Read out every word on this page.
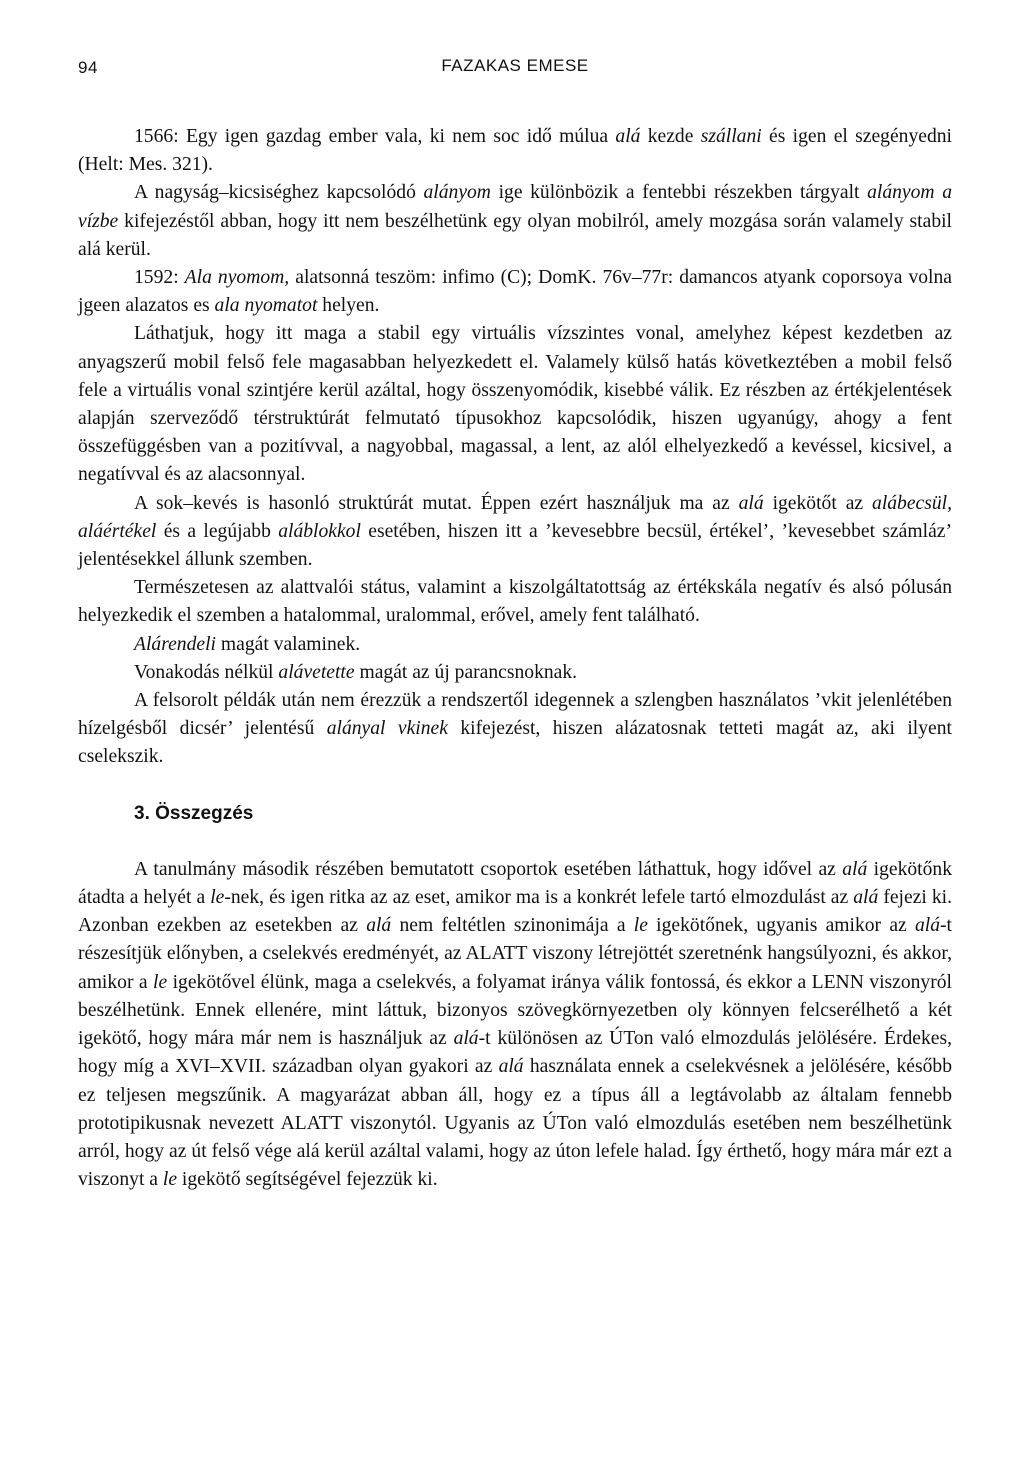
94	FAZAKAS EMESE

1566: Egy igen gazdag ember vala, ki nem soc idő múlua alá kezde szállani és igen el szegényedni (Helt: Mes. 321).

A nagyság–kicsiséghez kapcsolódó alányom ige különbözik a fentebbi részekben tárgyalt alányom a vízbe kifejezéstől abban, hogy itt nem beszélhetünk egy olyan mobilról, amely mozgása során valamely stabil alá kerül.

1592: Ala nyomom, alatsonná teszöm: infimo (C); DomK. 76v–77r: damancos atyank coporsoya volna jgeen alazatos es ala nyomatot helyen.

Láthatjuk, hogy itt maga a stabil egy virtuális vízszintes vonal, amelyhez képest kezdetben az anyagszerű mobil felső fele magasabban helyezkedett el. Valamely külső hatás következtében a mobil felső fele a virtuális vonal szintjére kerül azáltal, hogy összenyomódik, kisebbé válik. Ez részben az értékjelentések alapján szerveződő térstruktúrát felmutató típusokhoz kapcsolódik, hiszen ugyanúgy, ahogy a fent összefüggésben van a pozitívval, a nagyobbal, magassal, a lent, az alól elhelyezkedő a kevéssel, kicsivel, a negatívval és az alacsonnyal.

A sok–kevés is hasonló struktúrát mutat. Éppen ezért használjuk ma az alá igekötőt az alábecsül, aláértékel és a legújabb aláblokkol esetében, hiszen itt a ’kevesebbre becsül, értékel’, ’kevesebbet számláz’ jelentésekkel állunk szemben.

Természetesen az alattvalói státus, valamint a kiszolgáltatottság az értékskála negatív és alsó pólusán helyezkedik el szemben a hatalommal, uralommal, erővel, amely fent található.

Alárendeli magát valaminek.

Vonakodás nélkül alávetette magát az új parancsnoknak.

A felsorolt példák után nem érezzük a rendszertől idegennek a szlengben használatos ’vkit jelenlétében hízelgésből dicsér’ jelentésű alányal vkinek kifejezést, hiszen alázatosnak tetteti magát az, aki ilyent cselekszik.

3. Összegzés

A tanulmány második részében bemutatott csoportok esetében láthattuk, hogy idővel az alá igekötőnk átadta a helyét a le-nek, és igen ritka az az eset, amikor ma is a konkrét lefele tartó elmozdulást az alá fejezi ki. Azonban ezekben az esetekben az alá nem feltétlen szinonimája a le igekötőnek, ugyanis amikor az alá-t részesítjük előnyben, a cselekvés eredményét, az ALATT viszony létrejöttét szeretnénk hangsúlyozni, és akkor, amikor a le igekötővel élünk, maga a cselekvés, a folyamat iránya válik fontossá, és ekkor a LENN viszonyról beszélhetünk. Ennek ellenére, mint láttuk, bizonyos szövegkörnyezetben oly könnyen felcserélhető a két igekötő, hogy mára már nem is használjuk az alá-t különösen az ÚTon való elmozdulás jelölésére. Érdekes, hogy míg a XVI–XVII. században olyan gyakori az alá használata ennek a cselekvésnek a jelölésére, később ez teljesen megszűnik. A magyarázat abban áll, hogy ez a típus áll a legtávolabb az általam fennebb prototipikusnak nevezett ALATT viszonytól. Ugyanis az ÚTon való elmozdulás esetében nem beszélhetünk arról, hogy az út felső vége alá kerül azáltal valami, hogy az úton lefele halad. Így érthető, hogy mára már ezt a viszonyt a le igekötő segítségével fejezzük ki.
